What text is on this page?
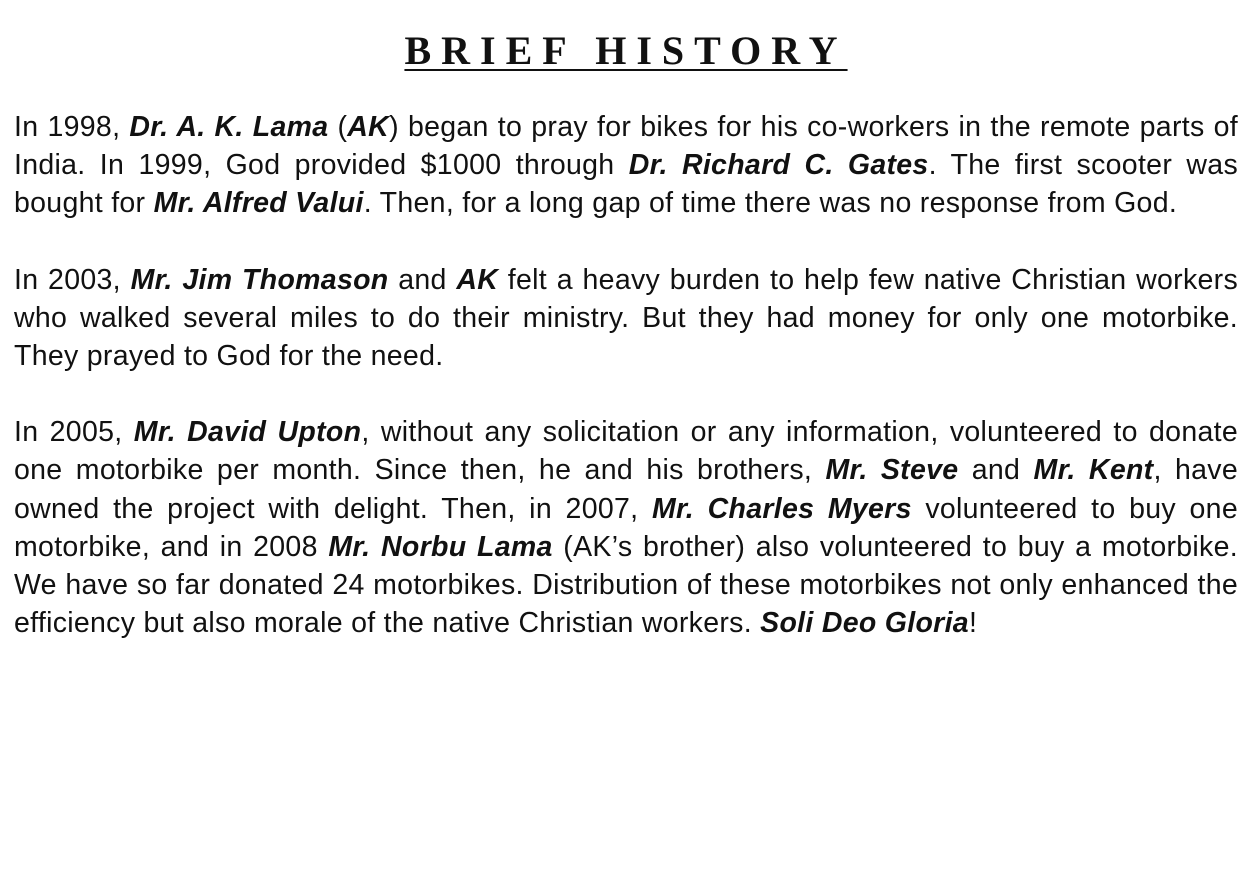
BRIEF HISTORY

In 1998, Dr. A. K. Lama (AK) began to pray for bikes for his co-workers in the remote parts of India. In 1999, God provided $1000 through Dr. Richard C. Gates. The first scooter was bought for Mr. Alfred Valui. Then, for a long gap of time there was no response from God.

In 2003, Mr. Jim Thomason and AK felt a heavy burden to help few native Christian workers who walked several miles to do their ministry. But they had money for only one motorbike. They prayed to God for the need.

In 2005, Mr. David Upton, without any solicitation or any information, volunteered to donate one motorbike per month. Since then, he and his brothers, Mr. Steve and Mr. Kent, have owned the project with delight. Then, in 2007, Mr. Charles Myers volunteered to buy one motorbike, and in 2008 Mr. Norbu Lama (AK’s brother) also volunteered to buy a motorbike. We have so far donated 24 motorbikes. Distribution of these motorbikes not only enhanced the efficiency but also morale of the native Christian workers. Soli Deo Gloria!
